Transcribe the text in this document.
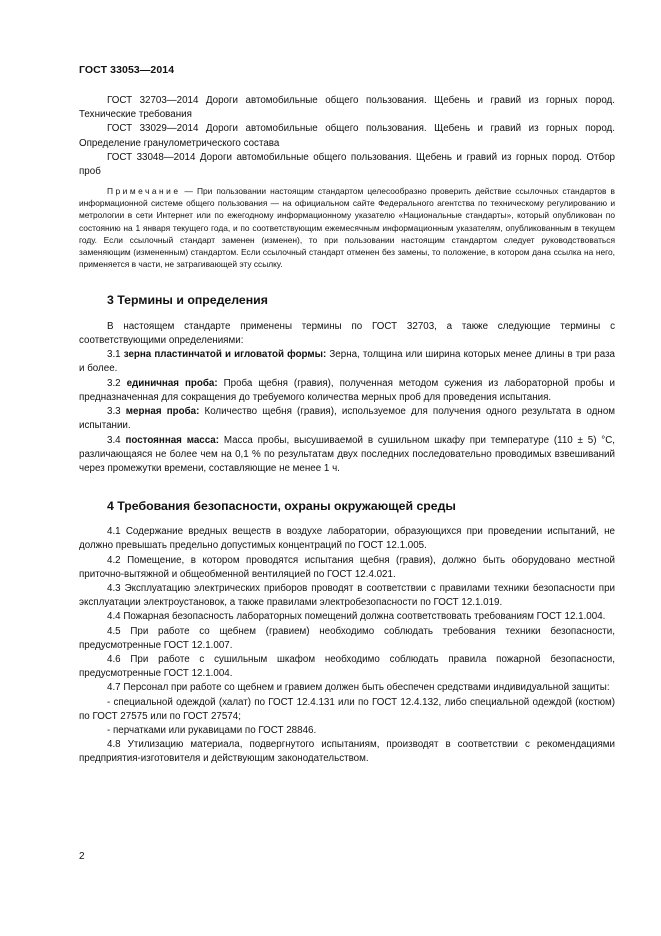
ГОСТ 33053—2014

ГОСТ 32703—2014 Дороги автомобильные общего пользования. Щебень и гравий из горных пород. Технические требования

ГОСТ 33029—2014 Дороги автомобильные общего пользования. Щебень и гравий из горных пород. Определение гранулометрического состава

ГОСТ 33048—2014 Дороги автомобильные общего пользования. Щебень и гравий из горных пород. Отбор проб

Примечание — При пользовании настоящим стандартом целесообразно проверить действие ссылочных стандартов в информационной системе общего пользования — на официальном сайте Федерального агентства по техническому регулированию и метрологии в сети Интернет или по ежегодному информационному указателю «Национальные стандарты», который опубликован по состоянию на 1 января текущего года, и по соответствующим ежемесячным информационным указателям, опубликованным в текущем году. Если ссылочный стандарт заменен (изменен), то при пользовании настоящим стандартом следует руководствоваться заменяющим (измененным) стандартом. Если ссылочный стандарт отменен без замены, то положение, в котором дана ссылка на него, применяется в части, не затрагивающей эту ссылку.

3 Термины и определения

В настоящем стандарте применены термины по ГОСТ 32703, а также следующие термины с соответствующими определениями:

3.1 зерна пластинчатой и игловатой формы: Зерна, толщина или ширина которых менее длины в три раза и более.

3.2 единичная проба: Проба щебня (гравия), полученная методом сужения из лабораторной пробы и предназначенная для сокращения до требуемого количества мерных проб для проведения испытания.

3.3 мерная проба: Количество щебня (гравия), используемое для получения одного результата в одном испытании.

3.4 постоянная масса: Масса пробы, высушиваемой в сушильном шкафу при температуре (110 ± 5) °С, различающаяся не более чем на 0,1 % по результатам двух последних последовательно проводимых взвешиваний через промежутки времени, составляющие не менее 1 ч.

4 Требования безопасности, охраны окружающей среды

4.1 Содержание вредных веществ в воздухе лаборатории, образующихся при проведении испытаний, не должно превышать предельно допустимых концентраций по ГОСТ 12.1.005.

4.2 Помещение, в котором проводятся испытания щебня (гравия), должно быть оборудовано местной приточно-вытяжной и общеобменной вентиляцией по ГОСТ 12.4.021.

4.3 Эксплуатацию электрических приборов проводят в соответствии с правилами техники безопасности при эксплуатации электроустановок, а также правилами электробезопасности по ГОСТ 12.1.019.

4.4 Пожарная безопасность лабораторных помещений должна соответствовать требованиям ГОСТ 12.1.004.

4.5 При работе со щебнем (гравием) необходимо соблюдать требования техники безопасности, предусмотренные ГОСТ 12.1.007.

4.6 При работе с сушильным шкафом необходимо соблюдать правила пожарной безопасности, предусмотренные ГОСТ 12.1.004.

4.7 Персонал при работе со щебнем и гравием должен быть обеспечен средствами индивидуальной защиты:

- специальной одеждой (халат) по ГОСТ 12.4.131 или по ГОСТ 12.4.132, либо специальной одеждой (костюм) по ГОСТ 27575 или по ГОСТ 27574;

- перчатками или рукавицами по ГОСТ 28846.

4.8 Утилизацию материала, подвергнутого испытаниям, производят в соответствии с рекомендациями предприятия-изготовителя и действующим законодательством.

2
